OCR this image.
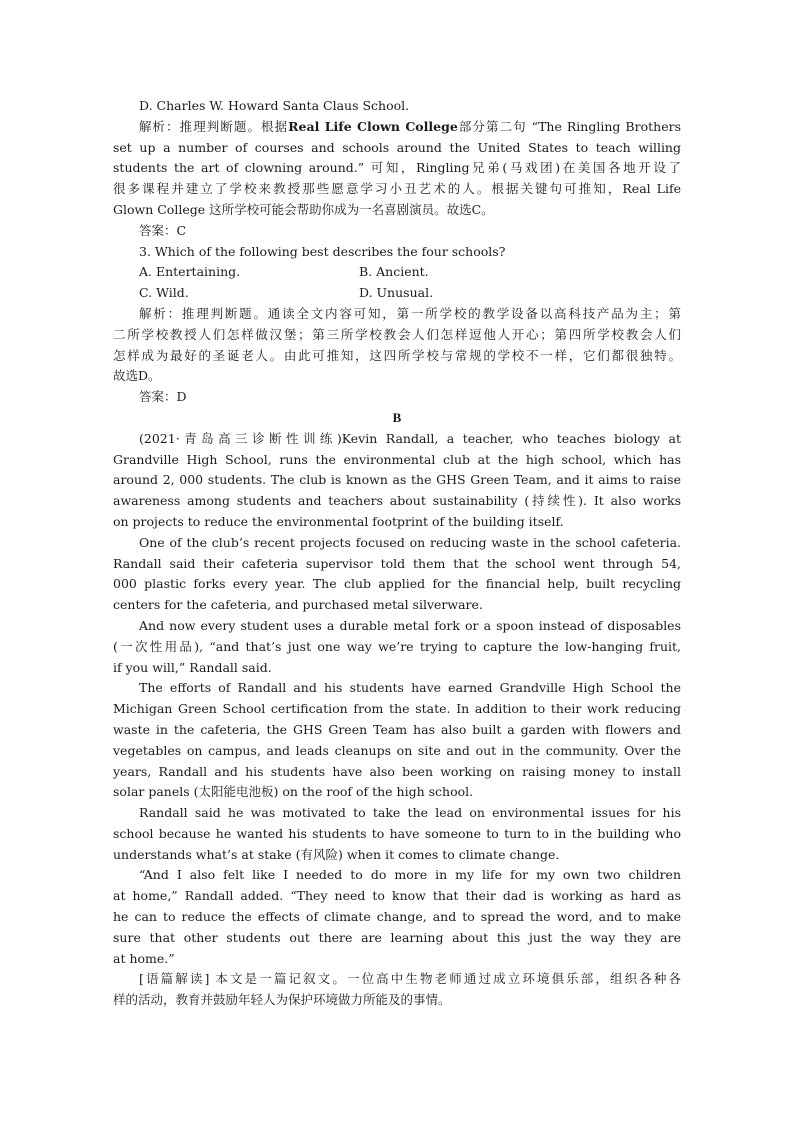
D. Charles W. Howard Santa Claus School.
解析：推理判断题。根据Real Life Clown College部分第二句 “The Ringling Brothers
set up a number of courses and schools around the United States to teach willing
students the art of clowning around.” 可知，Ringling兄弟(马戏团)在美国各地开设了
很多课程并建立了学校来教授那些愿意学习小丑艺术的人。根据关键句可推知，Real Life
Glown College 这所学校可能会帮助你成为一名喜剧演员。故选C。
答案：C
3. Which of the following best describes the four schools?
A. Entertaining.	B. Ancient.
C. Wild.	D. Unusual.
解析：推理判断题。通读全文内容可知，第一所学校的教学设备以高科技产品为主；第
二所学校教授人们怎样做汉堡；第三所学校教会人们怎样逗他人开心；第四所学校教会人们
怎样成为最好的圣诞老人。由此可推知，这四所学校与常规的学校不一样，它们都很独特。
故选D。
答案：D
B
(2021·青岛高三诊断性训练)Kevin Randall, a teacher, who teaches biology at
Grandville High School, runs the environmental club at the high school, which has
around 2, 000 students. The club is known as the GHS Green Team, and it aims to raise
awareness among students and teachers about sustainability (持续性). It also works
on projects to reduce the environmental footprint of the building itself.
One of the club’s recent projects focused on reducing waste in the school cafeteria.
Randall said their cafeteria supervisor told them that the school went through 54,
000 plastic forks every year. The club applied for the financial help, built recycling
centers for the cafeteria, and purchased metal silverware.
And now every student uses a durable metal fork or a spoon instead of disposables
(一次性用品), “and that’s just one way we’re trying to capture the low-hanging fruit,
if you will,” Randall said.
The efforts of Randall and his students have earned Grandville High School the
Michigan Green School certification from the state. In addition to their work reducing
waste in the cafeteria, the GHS Green Team has also built a garden with flowers and
vegetables on campus, and leads cleanups on site and out in the community. Over the
years, Randall and his students have also been working on raising money to install
solar panels (太阳能电池板) on the roof of the high school.
Randall said he was motivated to take the lead on environmental issues for his
school because he wanted his students to have someone to turn to in the building who
understands what’s at stake (有风险) when it comes to climate change.
“And I also felt like I needed to do more in my life for my own two children
at home,” Randall added. “They need to know that their dad is working as hard as
he can to reduce the effects of climate change, and to spread the word, and to make
sure that other students out there are learning about this just the way they are
at home.”
[语篇解读] 本文是一篇记叙文。一位高中生物老师通过成立环境俱乐部，组织各种各
样的活动，教育并鼓励年轻人为保护环境做力所能及的事情。
